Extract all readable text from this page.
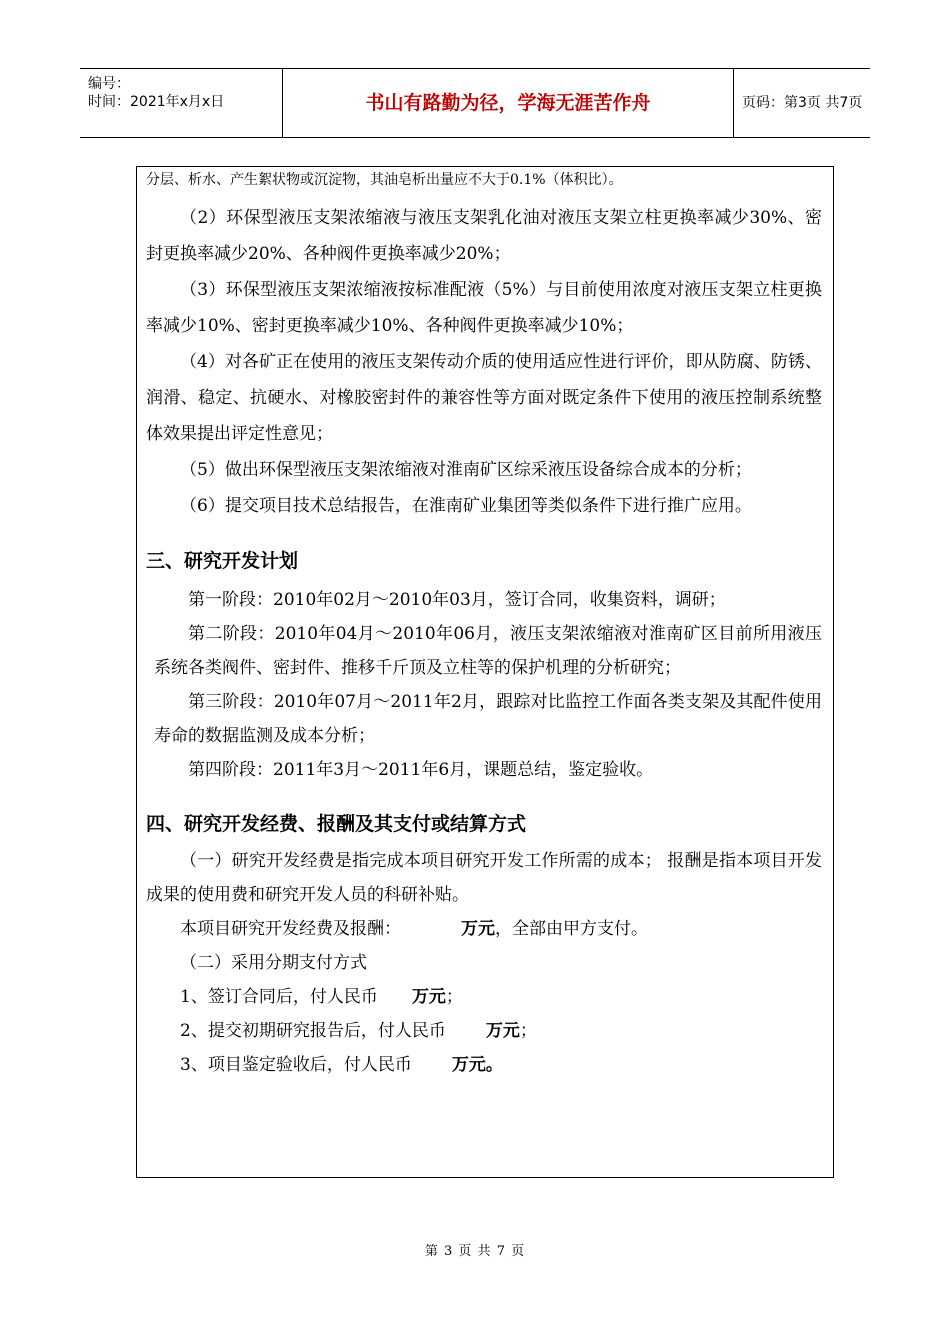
编号：
时间：2021年x月x日	书山有路勤为径，学海无涯苦作舟	页码：第3页 共7页

分层、析水、产生絮状物或沉淀物，其油皂析出量应不大于0.1%（体积比）。

（2）环保型液压支架浓缩液与液压支架乳化油对液压支架立柱更换率减少30%、密封更换率减少20%、各种阀件更换率减少20%；

（3）环保型液压支架浓缩液按标准配液（5%）与目前使用浓度对液压支架立柱更换率减少10%、密封更换率减少10%、各种阀件更换率减少10%；

（4）对各矿正在使用的液压支架传动介质的使用适应性进行评价，即从防腐、防锈、润滑、稳定、抗硬水、对橡胶密封件的兼容性等方面对既定条件下使用的液压控制系统整体效果提出评定性意见；

（5）做出环保型液压支架浓缩液对淮南矿区综采液压设备综合成本的分析；

（6）提交项目技术总结报告，在淮南矿业集团等类似条件下进行推广应用。

三、研究开发计划

第一阶段：2010年02月～2010年03月，签订合同，收集资料，调研；

第二阶段：2010年04月～2010年06月，液压支架浓缩液对淮南矿区目前所用液压系统各类阀件、密封件、推移千斤顶及立柱等的保护机理的分析研究；

第三阶段：2010年07月～2011年2月，跟踪对比监控工作面各类支架及其配件使用寿命的数据监测及成本分析；

第四阶段：2011年3月～2011年6月，课题总结，鉴定验收。

四、研究开发经费、报酬及其支付或结算方式

（一）研究开发经费是指完成本项目研究开发工作所需的成本； 报酬是指本项目开发成果的使用费和研究开发人员的科研补贴。

本项目研究开发经费及报酬：	万元，全部由甲方支付。

（二）采用分期支付方式

1、签订合同后，付人民币 万元；

2、提交初期研究报告后，付人民币 万元；

3、项目鉴定验收后，付人民币 万元。

第 3 页 共 7 页
